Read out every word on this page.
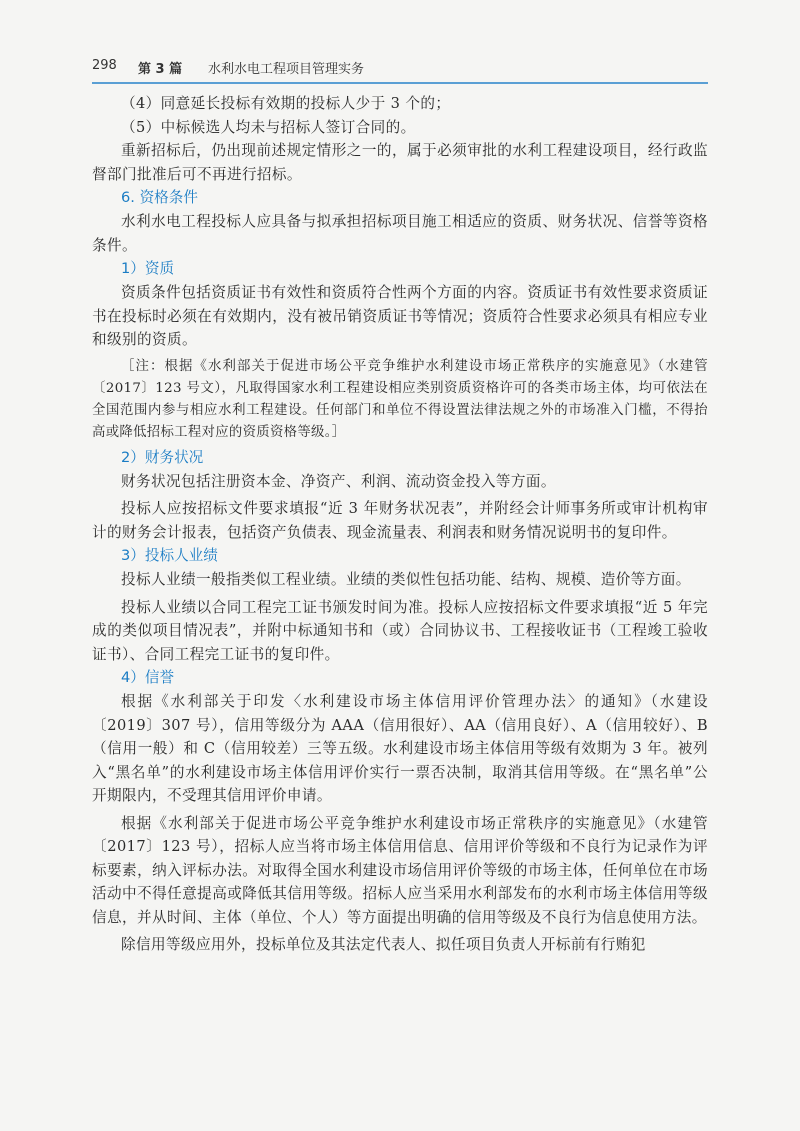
298 第 3 篇 水利水电工程项目管理实务

（4）同意延长投标有效期的投标人少于 3 个的；

（5）中标候选人均未与招标人签订合同的。

重新招标后，仍出现前述规定情形之一的，属于必须审批的水利工程建设项目，经行政监督部门批准后可不再进行招标。

6. 资格条件

水利水电工程投标人应具备与拟承担招标项目施工相适应的资质、财务状况、信誉等资格条件。

1）资质

资质条件包括资质证书有效性和资质符合性两个方面的内容。资质证书有效性要求资质证书在投标时必须在有效期内，没有被吊销资质证书等情况；资质符合性要求必须具有相应专业和级别的资质。

［注：根据《水利部关于促进市场公平竞争维护水利建设市场正常秩序的实施意见》（水建管〔2017〕123 号文），凡取得国家水利工程建设相应类别资质资格许可的各类市场主体，均可依法在全国范围内参与相应水利工程建设。任何部门和单位不得设置法律法规之外的市场准入门槛，不得抬高或降低招标工程对应的资质资格等级。］

2）财务状况

财务状况包括注册资本金、净资产、利润、流动资金投入等方面。

投标人应按招标文件要求填报“近 3 年财务状况表”，并附经会计师事务所或审计机构审计的财务会计报表，包括资产负债表、现金流量表、利润表和财务情况说明书的复印件。

3）投标人业绩

投标人业绩一般指类似工程业绩。业绩的类似性包括功能、结构、规模、造价等方面。

投标人业绩以合同工程完工证书颁发时间为准。投标人应按招标文件要求填报“近 5 年完成的类似项目情况表”，并附中标通知书和（或）合同协议书、工程接收证书（工程竣工验收证书）、合同工程完工证书的复印件。

4）信誉

根据《水利部关于印发〈水利建设市场主体信用评价管理办法〉的通知》（水建设〔2019〕307 号），信用等级分为 AAA（信用很好）、AA（信用良好）、A（信用较好）、B（信用一般）和 C（信用较差）三等五级。水利建设市场主体信用等级有效期为 3 年。被列入“黑名单”的水利建设市场主体信用评价实行一票否决制，取消其信用等级。在“黑名单”公开期限内，不受理其信用评价申请。

根据《水利部关于促进市场公平竞争维护水利建设市场正常秩序的实施意见》（水建管〔2017〕123 号），招标人应当将市场主体信用信息、信用评价等级和不良行为记录作为评标要素，纳入评标办法。对取得全国水利建设市场信用评价等级的市场主体，任何单位在市场活动中不得任意提高或降低其信用等级。招标人应当采用水利部发布的水利市场主体信用等级信息，并从时间、主体（单位、个人）等方面提出明确的信用等级及不良行为信息使用方法。

除信用等级应用外，投标单位及其法定代表人、拟任项目负责人开标前有行贿犯
